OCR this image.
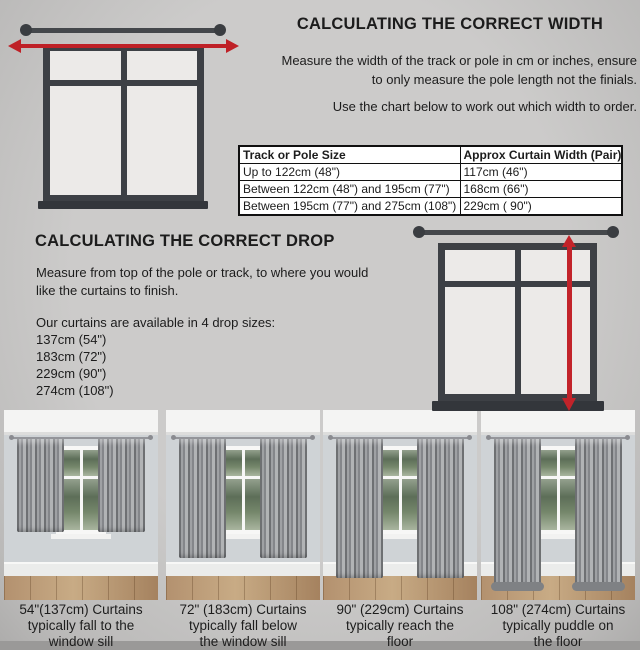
CALCULATING THE CORRECT WIDTH
Measure the width of the track or pole in cm or inches, ensure
to only measure the pole length not the finials.
Use the chart below to work out which width to order.
Track or Pole Size	Approx Curtain Width (Pair)
Up to 122cm (48")	117cm (46")
Between 122cm (48") and 195cm (77")	168cm (66")
Between 195cm (77") and 275cm (108")	229cm ( 90")
CALCULATING THE CORRECT DROP
Measure from top of the pole or track, to where you would
like the curtains to finish.
Our curtains are available in 4 drop sizes:
137cm (54")
183cm (72")
229cm (90")
274cm (108")
54"(137cm) Curtains
typically fall to the
window sill
72" (183cm) Curtains
typically fall below
the window sill
90" (229cm) Curtains
typically reach the
floor
108" (274cm) Curtains
typically puddle on
the floor
